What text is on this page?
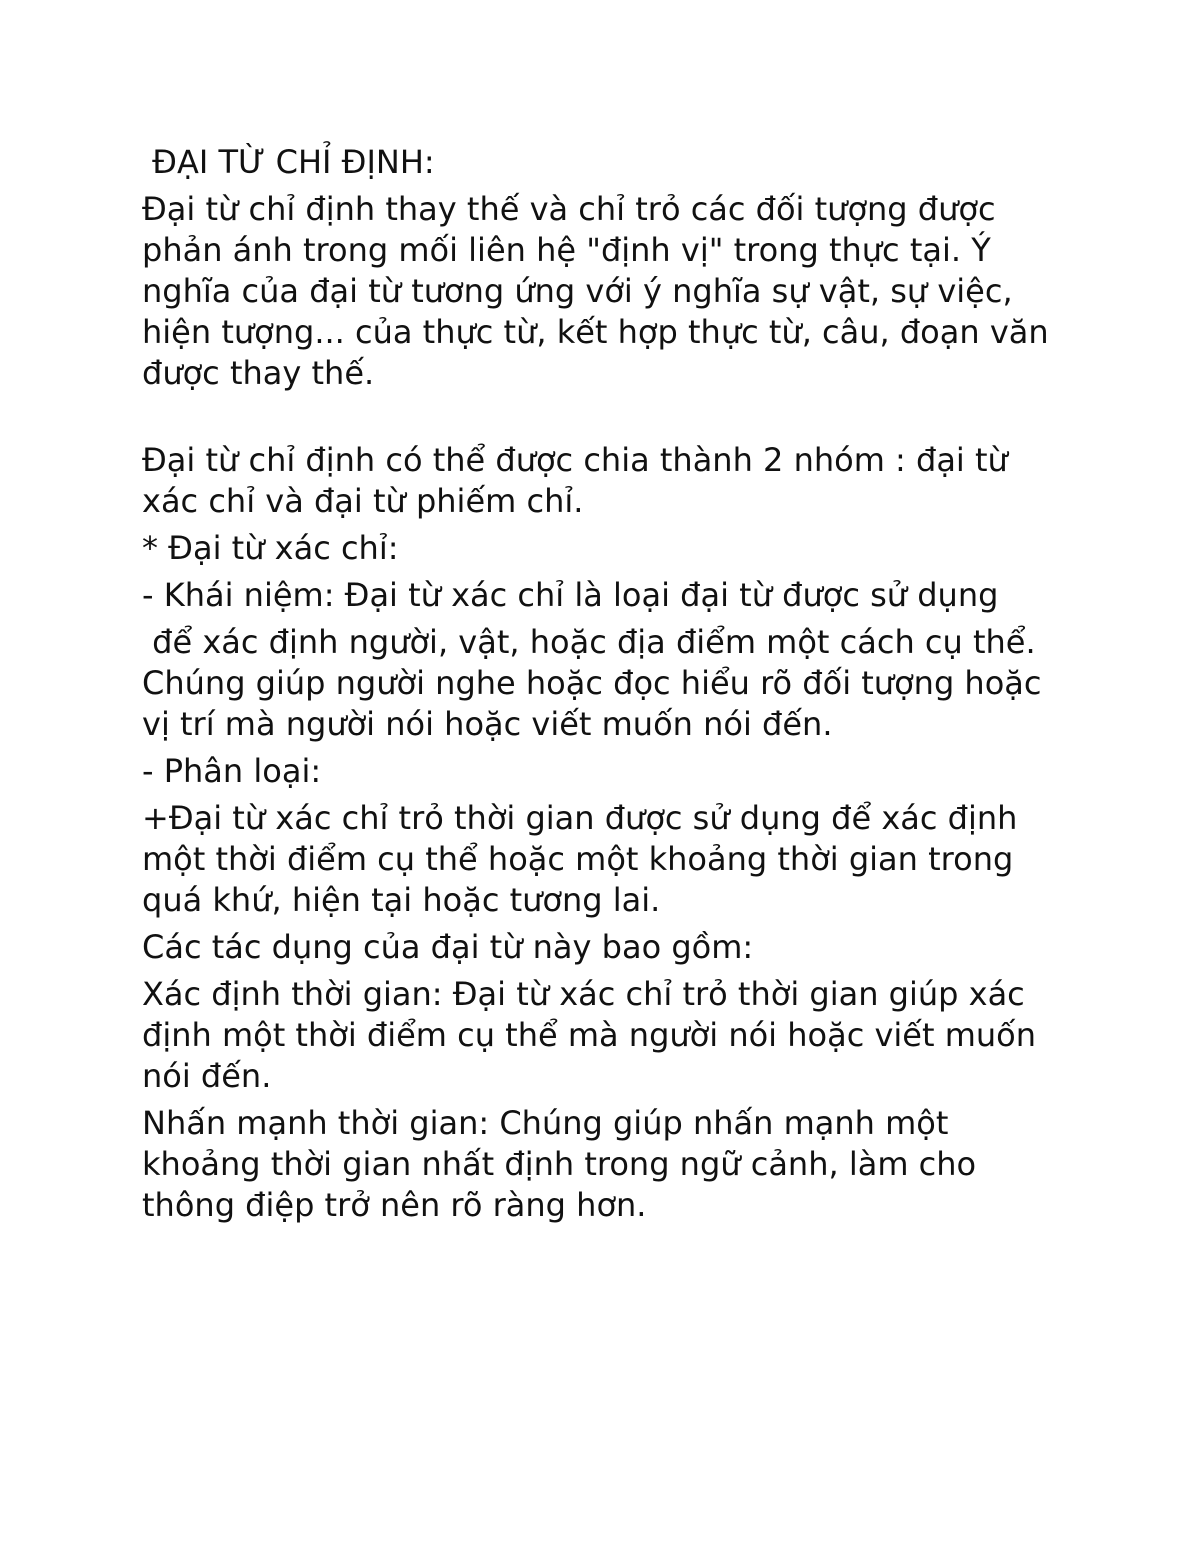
ĐẠI TỪ CHỈ ĐỊNH:

Đại từ chỉ định thay thế và chỉ trỏ các đối tượng được phản ánh trong mối liên hệ "định vị" trong thực tại. Ý nghĩa của đại từ tương ứng với ý nghĩa sự vật, sự việc, hiện tượng... của thực từ, kết hợp thực từ, câu, đoạn văn được thay thế.

Đại từ chỉ định có thể được chia thành 2 nhóm : đại từ xác chỉ và đại từ phiếm chỉ.

* Đại từ xác chỉ:

- Khái niệm: Đại từ xác chỉ là loại đại từ được sử dụng

để xác định người, vật, hoặc địa điểm một cách cụ thể. Chúng giúp người nghe hoặc đọc hiểu rõ đối tượng hoặc vị trí mà người nói hoặc viết muốn nói đến.

- Phân loại:

+Đại từ xác chỉ trỏ thời gian được sử dụng để xác định một thời điểm cụ thể hoặc một khoảng thời gian trong quá khứ, hiện tại hoặc tương lai.

Các tác dụng của đại từ này bao gồm:

Xác định thời gian: Đại từ xác chỉ trỏ thời gian giúp xác định một thời điểm cụ thể mà người nói hoặc viết muốn nói đến.

Nhấn mạnh thời gian: Chúng giúp nhấn mạnh một khoảng thời gian nhất định trong ngữ cảnh, làm cho thông điệp trở nên rõ ràng hơn.
